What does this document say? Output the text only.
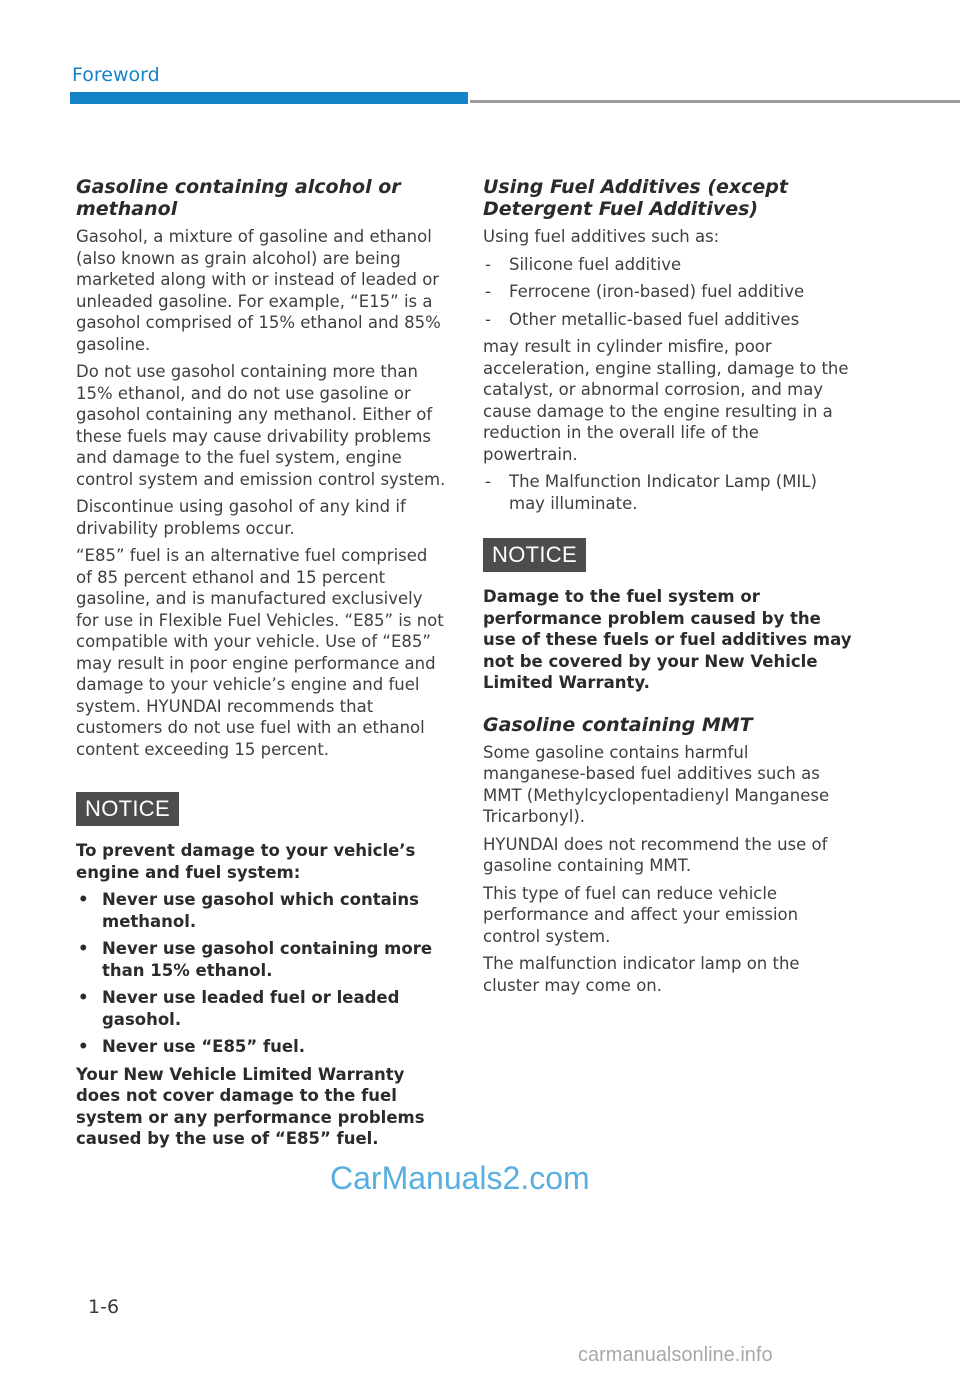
Foreword
Gasoline containing alcohol or methanol

Gasohol, a mixture of gasoline and ethanol (also known as grain alcohol) are being marketed along with or instead of leaded or unleaded gasoline. For example, “E15” is a gasohol comprised of 15% ethanol and 85% gasoline.

Do not use gasohol containing more than 15% ethanol, and do not use gasoline or gasohol containing any methanol. Either of these fuels may cause drivability problems and damage to the fuel system, engine control system and emission control system.

Discontinue using gasohol of any kind if drivability problems occur.

“E85” fuel is an alternative fuel comprised of 85 percent ethanol and 15 percent gasoline, and is manufactured exclusively for use in Flexible Fuel Vehicles. “E85” is not compatible with your vehicle. Use of “E85” may result in poor engine performance and damage to your vehicle’s engine and fuel system. HYUNDAI recommends that customers do not use fuel with an ethanol content exceeding 15 percent.

NOTICE
To prevent damage to your vehicle’s engine and fuel system:
• Never use gasohol which contains methanol.
• Never use gasohol containing more than 15% ethanol.
• Never use leaded fuel or leaded gasohol.
• Never use “E85” fuel.
Your New Vehicle Limited Warranty does not cover damage to the fuel system or any performance problems caused by the use of “E85” fuel.
Using Fuel Additives (except Detergent Fuel Additives)

Using fuel additives such as:

- Silicone fuel additive
- Ferrocene (iron-based) fuel additive
- Other metallic-based fuel additives

may result in cylinder misfire, poor acceleration, engine stalling, damage to the catalyst, or abnormal corrosion, and may cause damage to the engine resulting in a reduction in the overall life of the powertrain.

- The Malfunction Indicator Lamp (MIL) may illuminate.
NOTICE
Damage to the fuel system or performance problem caused by the use of these fuels or fuel additives may not be covered by your New Vehicle Limited Warranty.
Gasoline containing MMT

Some gasoline contains harmful manganese-based fuel additives such as MMT (Methylcyclopentadienyl Manganese Tricarbonyl).

HYUNDAI does not recommend the use of gasoline containing MMT.

This type of fuel can reduce vehicle performance and affect your emission control system.

The malfunction indicator lamp on the cluster may come on.

CarManuals2.com
1-6
carmanualsonline.info
